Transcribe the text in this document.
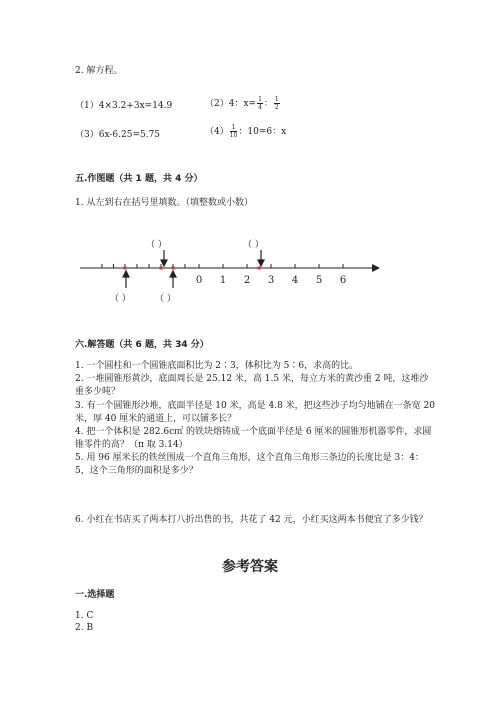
2. 解方程。
（1）4×3.2+3x=14.9	（2）4：$x= \frac{1}{4}$ ： $\frac{1}{2}$
（3）6x-6.25=5.75	$(4) \frac{1}{10}$ ：10=6：x
五.作图题（共 1 题，共 4 分）
1. 从左到右在括号里填数。（填整数或小数）
（ ）	（ ）
（ ）	（ ）
0 1 2 3 4 5 6
六.解答题（共 6 题，共 34 分）
1. 一个圆柱和一个圆锥底面积比为 2∶3，体积比为 5∶6，求高的比。
2. 一堆圆锥形黄沙，底面周长是 25.12 米，高 1.5 米，每立方米的黄沙重 2 吨，这堆沙重多少吨？
3. 有一个圆锥形沙堆，底面半径是 10 米，高是 4.8 米，把这些沙子均匀地铺在一条宽 20 米，厚 40 厘米的通道上，可以铺多长？
4. 把一个体积是 282.6c㎡ 的铁块熔铸成一个底面半径是 6 厘米的圆锥形机器零件，求圆锥零件的高？（π 取 3.14）
5. 用 96 厘米长的铁丝围成一个直角三角形，这个直角三角形三条边的长度比是 3：4：5，这个三角形的面积是多少？
6. 小红在书店买了两本打八折出售的书，共花了 42 元，小红买这两本书便宜了多少钱？
参考答案
一.选择题
1. C
2. B
